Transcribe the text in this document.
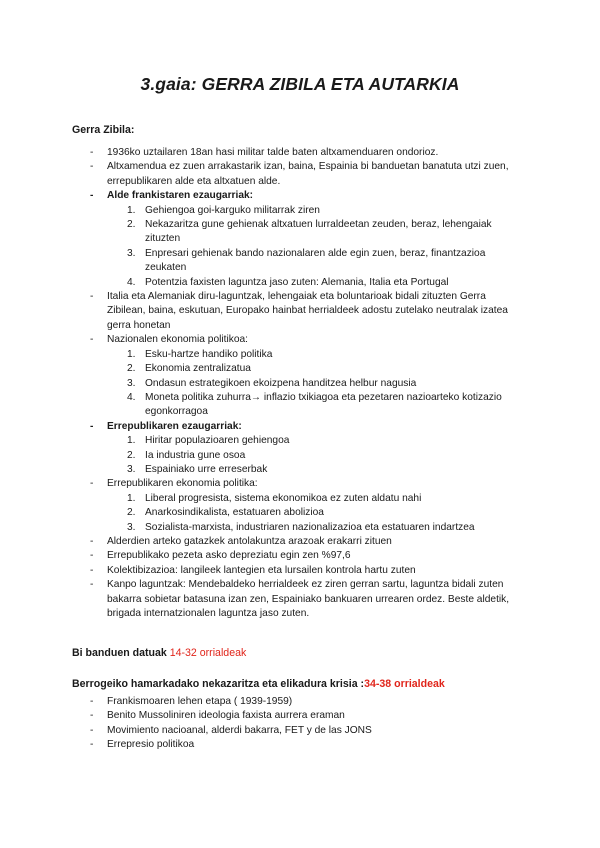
3.gaia: GERRA ZIBILA ETA AUTARKIA
Gerra Zibila:
- 1936ko uztailaren 18an hasi militar talde baten altxamenduaren ondorioz.
- Altxamendua ez zuen arrakastarik izan, baina, Espainia bi banduetan banatuta utzi zuen, errepublikaren alde eta altxatuen alde.
- Alde frankistaren ezaugarriak:
1. Gehiengoa goi-karguko militarrak ziren
2. Nekazaritza gune gehienak altxatuen lurraldeetan zeuden, beraz, lehengaiak zituzten
3. Enpresari gehienak bando nazionalaren alde egin zuen, beraz, finantzazioa zeukaten
4. Potentzia faxisten laguntza jaso zuten: Alemania, Italia eta Portugal
- Italia eta Alemaniak diru-laguntzak, lehengaiak eta boluntarioak bidali zituzten Gerra Zibilean, baina, eskutuan, Europako hainbat herrialdeek adostu zutelako neutralak izatea gerra honetan
- Nazionalen ekonomia politikoa:
1. Esku-hartze handiko politika
2. Ekonomia zentralizatua
3. Ondasun estrategikoen ekoizpena handitzea helbur nagusia
4. Moneta politika zuhurra→ inflazio txikiagoa eta pezetaren nazioarteko kotizazio egonkorragoa
- Errepublikaren ezaugarriak:
1. Hiritar populazioaren gehiengoa
2. Ia industria gune osoa
3. Espainiako urre erreserbak
- Errepublikaren ekonomia politika:
1. Liberal progresista, sistema ekonomikoa ez zuten aldatu nahi
2. Anarkosindikalista, estatuaren abolizioa
3. Sozialista-marxista, industriaren nazionalizazioa eta estatuaren indartzea
- Alderdien arteko gatazkek antolakuntza arazoak erakarri zituen
- Errepublikako pezeta asko depreziatu egin zen %97,6
- Kolektibizazioa: langileek lantegien eta lursailen kontrola hartu zuten
- Kanpo laguntzak: Mendebaldeko herrialdeek ez ziren gerran sartu, laguntza bidali zuten bakarra sobietar batasuna izan zen, Espainiako bankuaren urrearen ordez. Beste aldetik, brigada internatzionalen laguntza jaso zuten.
Bi banduen datuak 14-32 orrialdeak
Berrogeiko hamarkadako nekazaritza eta elikadura krisia :34-38 orrialdeak
- Frankismoaren lehen etapa ( 1939-1959)
- Benito Mussoliniren ideologia faxista aurrera eraman
- Movimiento nacioanal, alderdi bakarra, FET y de las JONS
- Errepresio politikoa
